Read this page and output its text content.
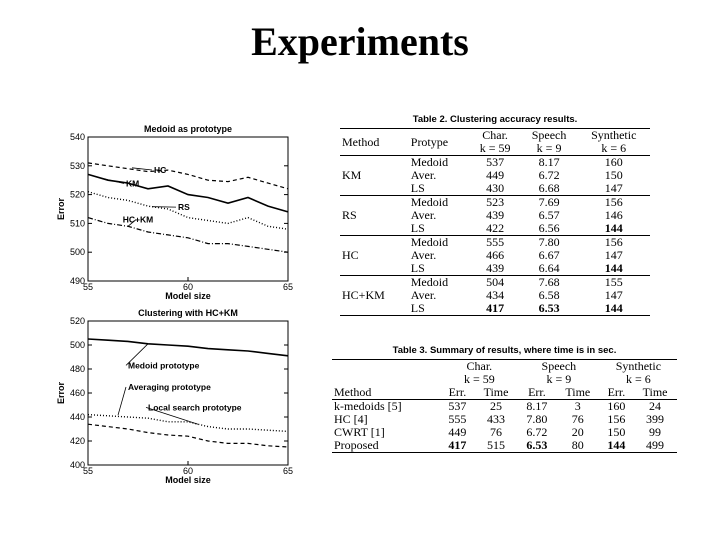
Experiments
Medoid as prototype
490
500
510
520
530
540
55	60	65
Model size
Error
HC
KM
RS
HC+KM
Clustering with HC+KM
400
420
440
460
480
500
520
55	60	65
Model size
Error
Medoid prototype
Averaging prototype
Local search prototype
Table 2. Clustering accuracy results.
Method	Protype	Char.	Speech	Synthetic
		k = 59	k = 9	k = 6
KM	Medoid	537	8.17	160
	Aver.	449	6.72	150
	LS	430	6.68	147
RS	Medoid	523	7.69	156
	Aver.	439	6.57	146
	LS	422	6.56	144
HC	Medoid	555	7.80	156
	Aver.	466	6.67	147
	LS	439	6.64	144
HC+KM	Medoid	504	7.68	155
	Aver.	434	6.58	147
	LS	417	6.53	144
Table 3. Summary of results, where time is in sec.
Method	Char.		Speech		Synthetic	
	k = 59		k = 9		k = 6	
	Err.	Time	Err.	Time	Err.	Time
k-medoids [5]	537	25	8.17	3	160	24
HC [4]	555	433	7.80	76	156	399
CWRT [1]	449	76	6.72	20	150	99
Proposed	417	515	6.53	80	144	499
